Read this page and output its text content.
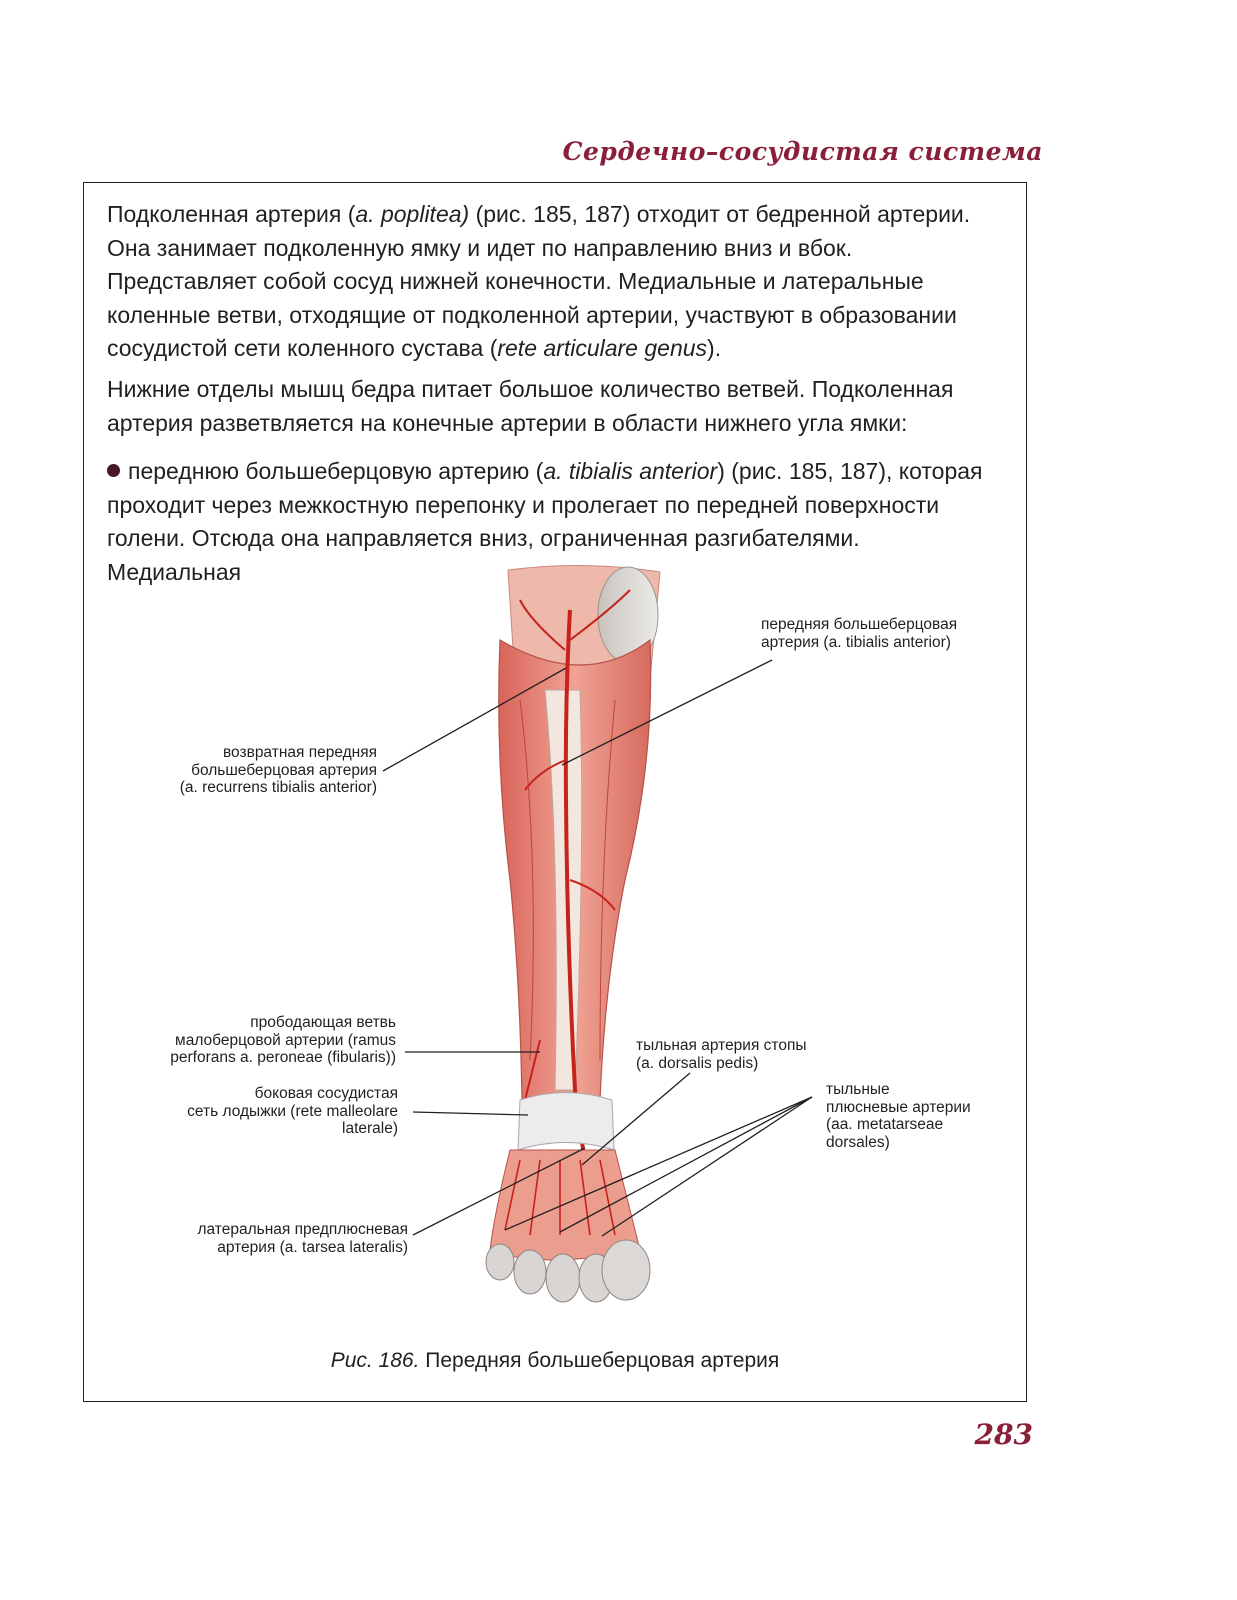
Сердечно–сосудистая система

Подколенная артерия (a. poplitea) (рис. 185, 187) отходит от бедренной артерии. Она занимает подколенную ямку и идет по направлению вниз и вбок. Представляет собой сосуд нижней конечности. Медиальные и латеральные коленные ветви, отходящие от подколенной артерии, участвуют в образовании сосудистой сети коленного сустава (rete articulare genus).

Нижние отделы мышц бедра питает большое количество ветвей. Подколенная артерия разветвляется на конечные артерии в области нижнего угла ямки:

переднюю большеберцовую артерию (a. tibialis anterior) (рис. 185, 187), которая проходит через межкостную перепонку и пролегает по передней поверхности голени. Отсюда она направляется вниз, ограниченная разгибателями. Медиальная

передняя большеберцовая
артерия (a. tibialis anterior)
возвратная передняя
большеберцовая артерия
(a. recurrens tibialis anterior)
прободающая ветвь
малоберцовой артерии (ramus
perforans a. peroneae (fibularis))
боковая сосудистая
сеть лодыжки (rete malleolare
laterale)
латеральная предплюсневая
артерия (a. tarsea lateralis)
тыльная артерия стопы
(a. dorsalis pedis)
тыльные
плюсневые артерии
(aa. metatarseae
dorsales)
Рис. 186. Передняя большеберцовая артерия
283
